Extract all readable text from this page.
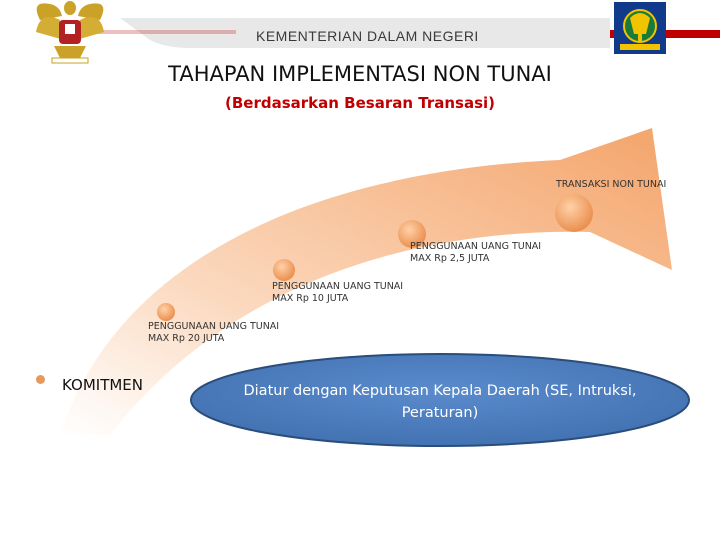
KEMENTERIAN DALAM NEGERI
TAHAPAN IMPLEMENTASI NON TUNAI
(Berdasarkan Besaran Transasi)
PENGGUNAAN UANG TUNAI
MAX Rp 20 JUTA
PENGGUNAAN UANG TUNAI
MAX Rp 10 JUTA
PENGGUNAAN UANG TUNAI
MAX Rp 2,5 JUTA
TRANSAKSI NON TUNAI
KOMITMEN	Diatur dengan Keputusan Kepala Daerah (SE, Intruksi, Peraturan)
